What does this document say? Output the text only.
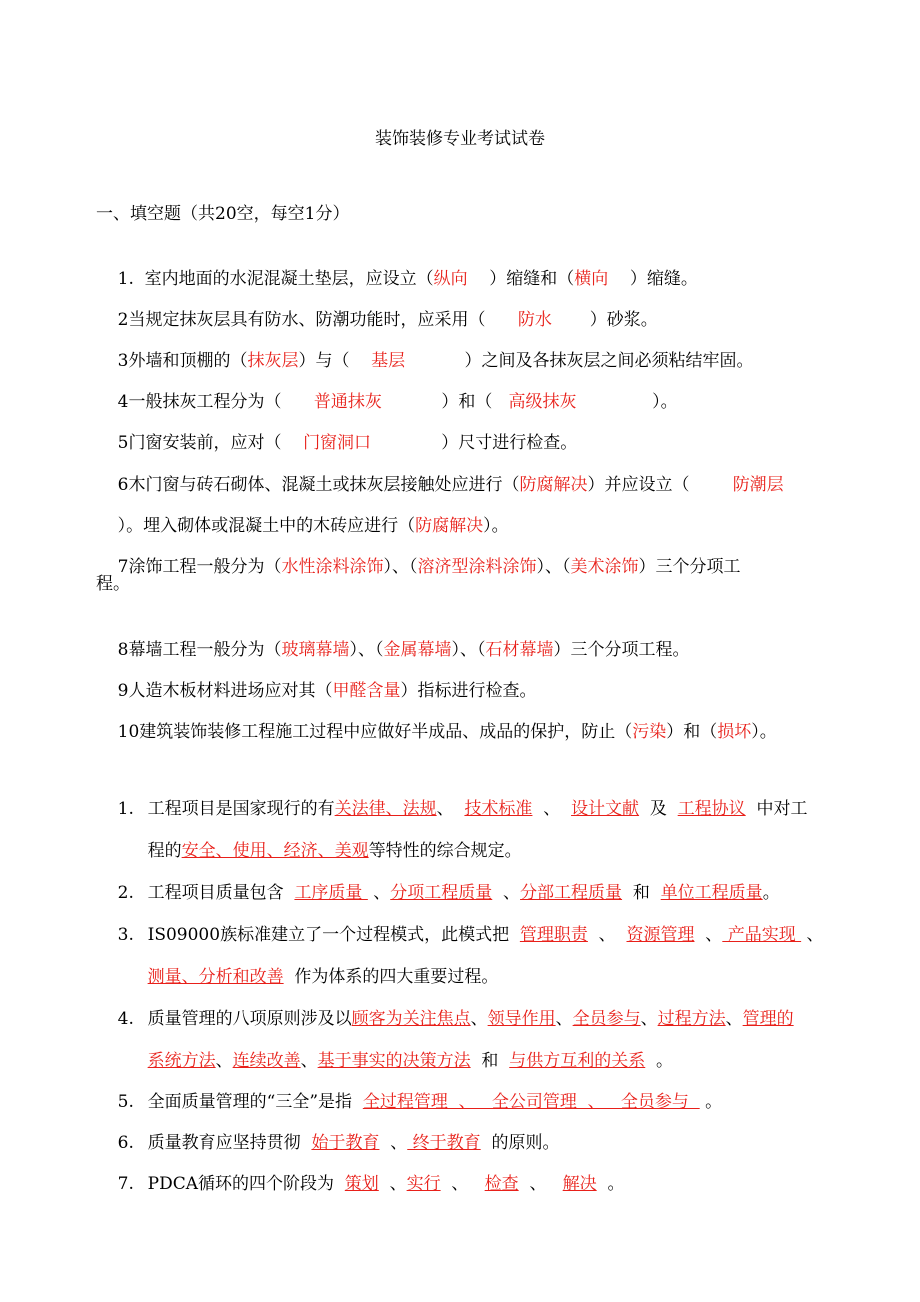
装饰装修专业考试试卷
一、填空题（共20空，每空1分）

1.  室内地面的水泥混凝土垫层，应设立（纵向    ）缩缝和（横向    ）缩缝。

2当规定抹灰层具有防水、防潮功能时，应采用（      防水       ）砂浆。

3外墙和顶棚的（抹灰层）与（    基层           ）之间及各抹灰层之间必须粘结牢固。

4一般抹灰工程分为（      普通抹灰           ）和（   高级抹灰              ）。

5门窗安装前，应对（    门窗洞口             ）尺寸进行检查。

6木门窗与砖石砌体、混凝土或抹灰层接触处应进行（防腐解决）并应设立（        防潮层

）。埋入砌体或混凝土中的木砖应进行（防腐解决）。

7涂饰工程一般分为（水性涂料涂饰）、（溶济型涂料涂饰）、（美术涂饰）三个分项工

程。

8幕墙工程一般分为（玻璃幕墙）、（金属幕墙）、（石材幕墙）三个分项工程。

9人造木板材料进场应对其（甲醛含量）指标进行检查。

10建筑装饰装修工程施工过程中应做好半成品、成品的保护，防止（污染）和（损坏）。

1. 工程项目是国家现行的有关法律、法规、  技术标准  、  设计文献  及  工程协议  中对工

程的安全、使用、经济、美观等特性的综合规定。

2. 工程项目质量包含  工序质量  、分项工程质量  、分部工程质量  和  单位工程质量。

3. IS09000族标准建立了一个过程模式，此模式把  管理职责  、  资源管理  、 产品实现  、

测量、分析和改善  作为体系的四大重要过程。

4. 质量管理的八项原则涉及以顾客为关注焦点、领导作用、全员参与、过程方法、管理的

系统方法、连续改善、基于事实的决策方法  和  与供方互利的关系  。

5. 全面质量管理的“三全”是指  全过程管理  、   全公司管理  、   全员参与   。

6. 质量教育应坚持贯彻  始于教育  、 终于教育  的原则。

7. PDCA循环的四个阶段为  策划  、实行  、   检查  、   解决  。
